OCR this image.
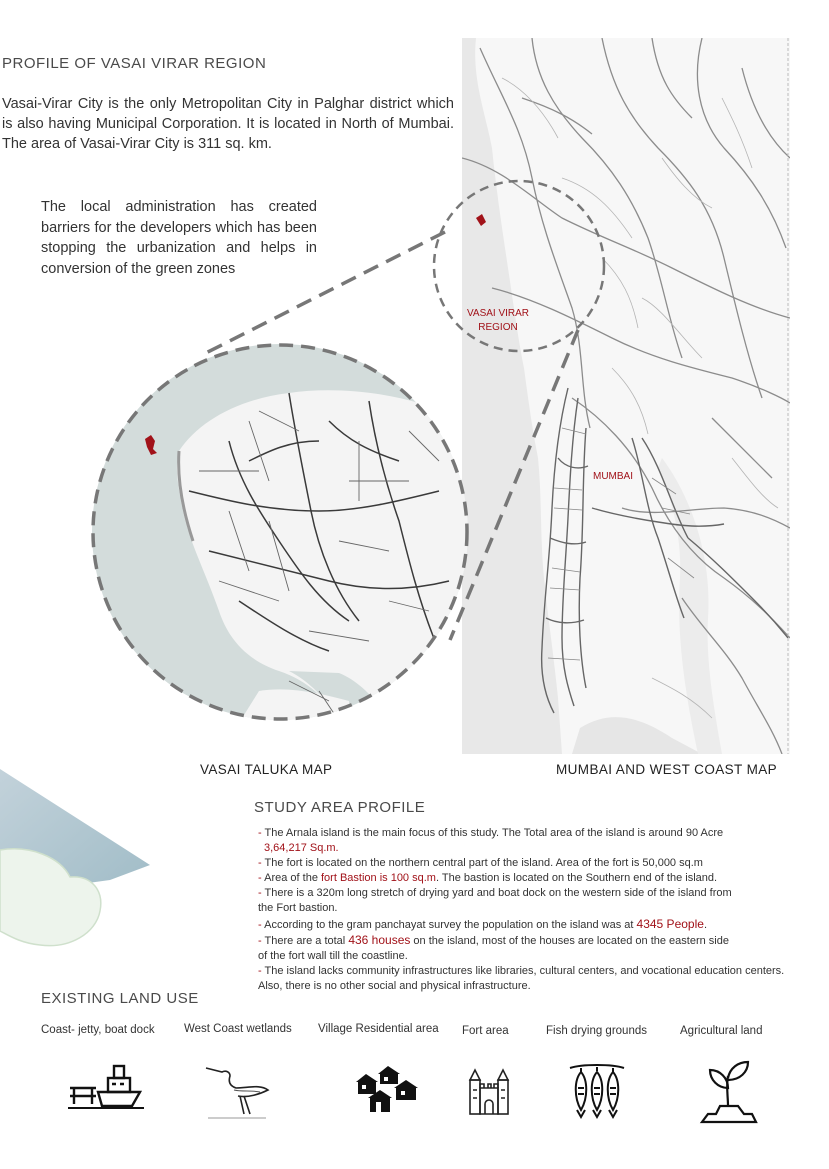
PROFILE OF VASAI VIRAR REGION
Vasai-Virar City is the only Metropolitan City in Palghar district which is also having Municipal Corporation. It is located in North of Mumbai. The area of Vasai-Virar City is 311 sq. km.
The local administration has created barriers for the developers which has been stopping the urbanization and helps in conversion of the green zones
MUMBAI
VASAI VIRAR
REGION
VASAI TALUKA MAP	MUMBAI AND WEST COAST MAP
STUDY AREA PROFILE

- The Arnala island is the main focus of this study. The Total area of the island is around 90 Acre
3,64,217 Sq.m.

- The fort is located on the northern central part of the island. Area of the fort is 50,000 sq.m

- Area of the fort Bastion is 100 sq.m. The bastion is located on the Southern end of the island.

- There is a 320m long stretch of drying yard and boat dock on the western side of the island from the Fort bastion.

- According to the gram panchayat survey the population on the island was at 4345 People.

- There are a total 436 houses on the island, most of the houses are located on the eastern side of the fort wall till the coastline.

- The island lacks community infrastructures like libraries, cultural centers, and vocational education centers. Also, there is no other social and physical infrastructure.

EXISTING LAND USE
Coast- jetty, boat dock	West Coast wetlands Village Residential area Fort area	Fish drying grounds	Agricultural land
